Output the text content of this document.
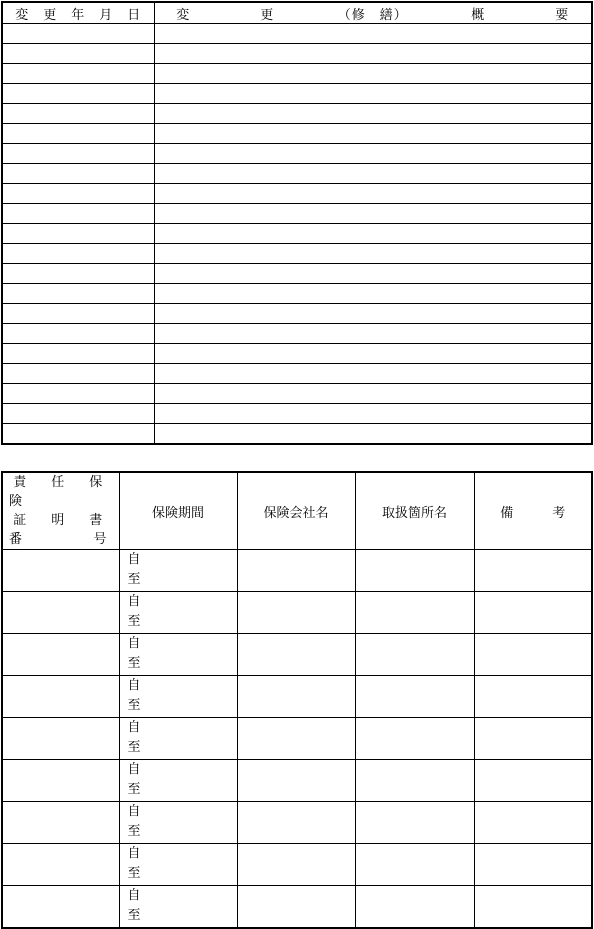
変　更　年　月　日	変　　　　　更　　　　　（修　繕）　　　　　概　　　　　要

責　任　保　険
証　明　書　番　号	保険期間	保険会社名	取扱箇所名	備　　　考

	自
至			

	自
至			

	自
至			

	自
至			

	自
至			

	自
至			

	自
至			

	自
至			

	自
至			
